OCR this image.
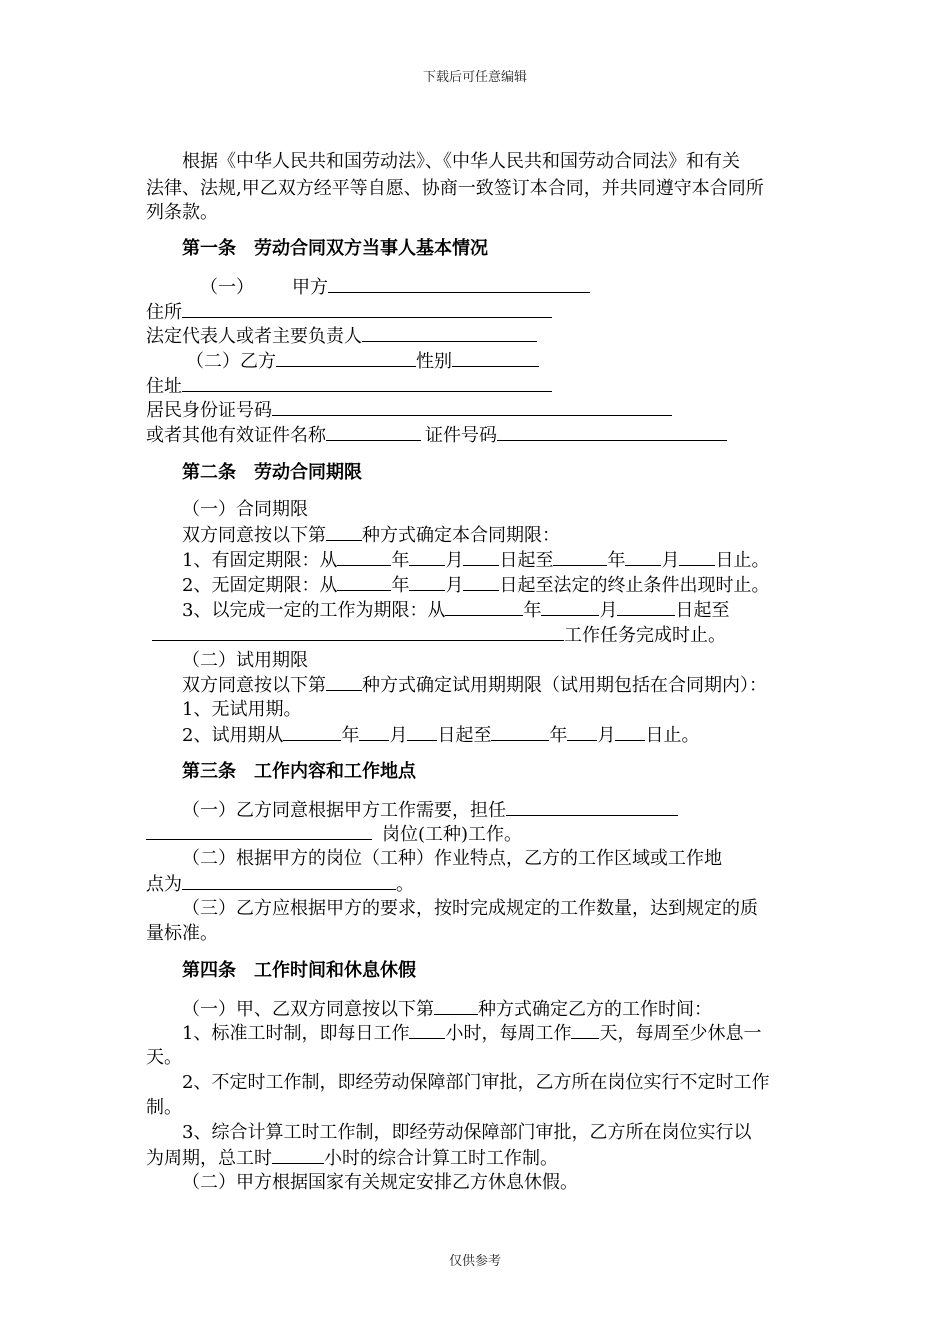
下载后可任意编辑
根据《中华人民共和国劳动法》、《中华人民共和国劳动合同法》和有关
法律、法规,甲乙双方经平等自愿、协商一致签订本合同，并共同遵守本合同所
列条款。
第一条　劳动合同双方当事人基本情况
（一） 甲方
住所
法定代表人或者主要负责人
（二）乙方	性别
住址
居民身份证号码
或者其他有效证件名称	证件号码
第二条　劳动合同期限
（一）合同期限
双方同意按以下第 种方式确定本合同期限：
1、有固定期限：从	年 月 日起至	年 月 日止。
2、无固定期限：从	年 月 日起至法定的终止条件出现时止。
3、以完成一定的工作为期限：从	年	月	日起至
工作任务完成时止。
（二）试用期限
双方同意按以下第 种方式确定试用期期限（试用期包括在合同期内）：
1、无试用期。
2、试用期从	年 月 日起至	年 月 日止。
第三条　工作内容和工作地点
（一）乙方同意根据甲方工作需要，担任
岗位(工种)工作。
（二）根据甲方的岗位（工种）作业特点，乙方的工作区域或工作地
点为	。
（三）乙方应根据甲方的要求，按时完成规定的工作数量，达到规定的质
量标准。
第四条　工作时间和休息休假
（一）甲、乙双方同意按以下第 种方式确定乙方的工作时间：
1、标准工时制，即每日工作 小时，每周工作 天，每周至少休息一
天。
2、不定时工作制，即经劳动保障部门审批，乙方所在岗位实行不定时工作
制。
3、综合计算工时工作制，即经劳动保障部门审批，乙方所在岗位实行以
为周期，总工时	小时的综合计算工时工作制。
（二）甲方根据国家有关规定安排乙方休息休假。
仅供参考
